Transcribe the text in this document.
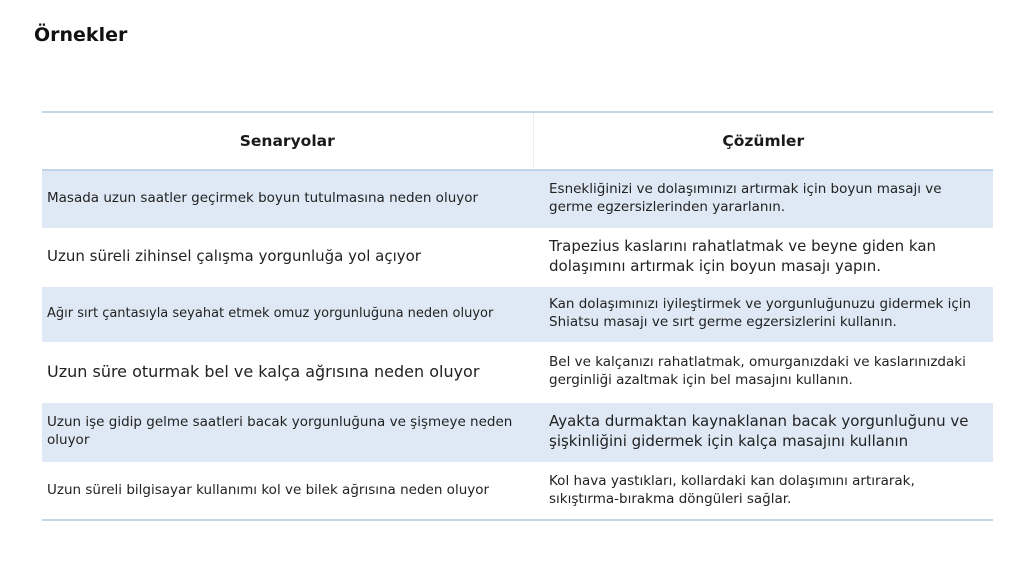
Örnekler
Senaryolar	Çözümler
Masada uzun saatler geçirmek boyun tutulmasına neden oluyor	Esnekliğinizi ve dolaşımınızı artırmak için boyun masajı ve germe egzersizlerinden yararlanın.
Uzun süreli zihinsel çalışma yorgunluğa yol açıyor	Trapezius kaslarını rahatlatmak ve beyne giden kan dolaşımını artırmak için boyun masajı yapın.
Ağır sırt çantasıyla seyahat etmek omuz yorgunluğuna neden oluyor	Kan dolaşımınızı iyileştirmek ve yorgunluğunuzu gidermek için Shiatsu masajı ve sırt germe egzersizlerini kullanın.
Uzun süre oturmak bel ve kalça ağrısına neden oluyor	Bel ve kalçanızı rahatlatmak, omurganızdaki ve kaslarınızdaki gerginliği azaltmak için bel masajını kullanın.
Uzun işe gidip gelme saatleri bacak yorgunluğuna ve şişmeye neden oluyor	Ayakta durmaktan kaynaklanan bacak yorgunluğunu ve şişkinliğini gidermek için kalça masajını kullanın
Uzun süreli bilgisayar kullanımı kol ve bilek ağrısına neden oluyor	Kol hava yastıkları, kollardaki kan dolaşımını artırarak, sıkıştırma-bırakma döngüleri sağlar.
